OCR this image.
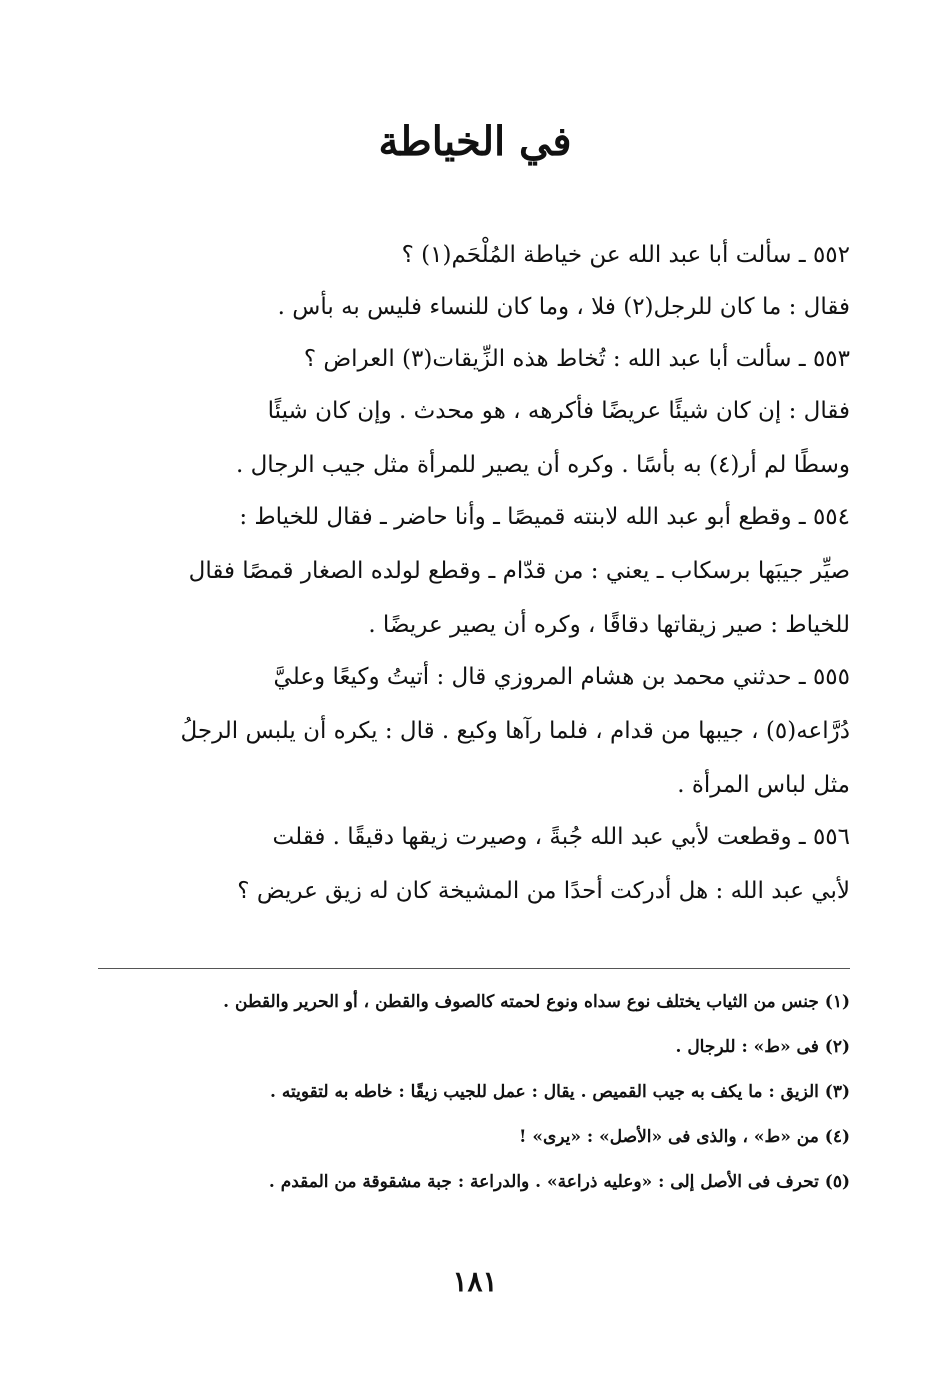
في الخياطة

٥٥٢ ـ سألت أبا عبد الله عن خياطة المُلْحَم(١) ؟

فقال : ما كان للرجل(٢) فلا ، وما كان للنساء فليس به بأس .

٥٥٣ ـ سألت أبا عبد الله : تُخاط هذه الزِّيقات(٣) العراض ؟

فقال : إن كان شيئًا عريضًا فأكرهه ، هو محدث . وإن كان شيئًا
وسطًا لم أر(٤) به بأسًا . وكره أن يصير للمرأة مثل جيب الرجال .

٥٥٤ ـ وقطع أبو عبد الله لابنته قميصًا ـ وأنا حاضر ـ فقال للخياط :
صيِّر جيبَها برسكاب ـ يعني : من قدّام ـ وقطع لولده الصغار قمصًا فقال
للخياط : صير زيقاتها دقاقًا ، وكره أن يصير عريضًا .

٥٥٥ ـ حدثني محمد بن هشام المروزي قال : أتيتُ وكيعًا وعليَّ
دُرَّاعه(٥) ، جيبها من قدام ، فلما رآها وكيع . قال : يكره أن يلبس الرجلُ
مثل لباس المرأة .

٥٥٦ ـ وقطعت لأبي عبد الله جُبةً ، وصيرت زيقها دقيقًا . فقلت
لأبي عبد الله : هل أدركت أحدًا من المشيخة كان له زيق عريض ؟

(١) جنس من الثياب يختلف نوع سداه ونوع لحمته كالصوف والقطن ، أو الحرير والقطن .
(٢) فى «ط» : للرجال .
(٣) الزيق : ما يكف به جيب القميص . يقال : عمل للجيب زيقًا : خاطه به لتقويته .
(٤) من «ط» ، والذى فى «الأصل» : «يرى» !
(٥) تحرف فى الأصل إلى : «وعليه ذراعة» . والدراعة : جبة مشقوقة من المقدم .
١٨١
